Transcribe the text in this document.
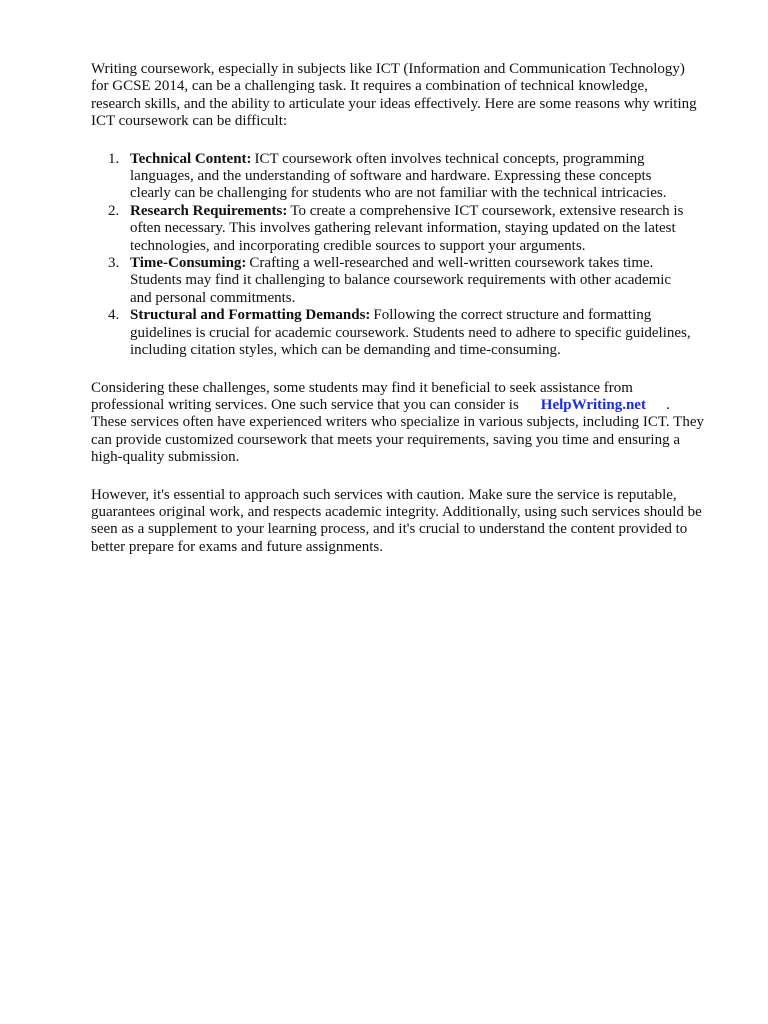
Writing coursework, especially in subjects like ICT (Information and Communication Technology)
for GCSE 2014, can be a challenging task. It requires a combination of technical knowledge,
research skills, and the ability to articulate your ideas effectively. Here are some reasons why writing
ICT coursework can be difficult:

1. Technical Content: ICT coursework often involves technical concepts, programming
languages, and the understanding of software and hardware. Expressing these concepts
clearly can be challenging for students who are not familiar with the technical intricacies.
2. Research Requirements: To create a comprehensive ICT coursework, extensive research is
often necessary. This involves gathering relevant information, staying updated on the latest
technologies, and incorporating credible sources to support your arguments.
3. Time-Consuming: Crafting a well-researched and well-written coursework takes time.
Students may find it challenging to balance coursework requirements with other academic
and personal commitments.
4. Structural and Formatting Demands: Following the correct structure and formatting
guidelines is crucial for academic coursework. Students need to adhere to specific guidelines,
including citation styles, which can be demanding and time-consuming.

Considering these challenges, some students may find it beneficial to seek assistance from
professional writing services. One such service that you can consider is HelpWriting.net .
These services often have experienced writers who specialize in various subjects, including ICT. They
can provide customized coursework that meets your requirements, saving you time and ensuring a
high-quality submission.

However, it's essential to approach such services with caution. Make sure the service is reputable,
guarantees original work, and respects academic integrity. Additionally, using such services should be
seen as a supplement to your learning process, and it's crucial to understand the content provided to
better prepare for exams and future assignments.
